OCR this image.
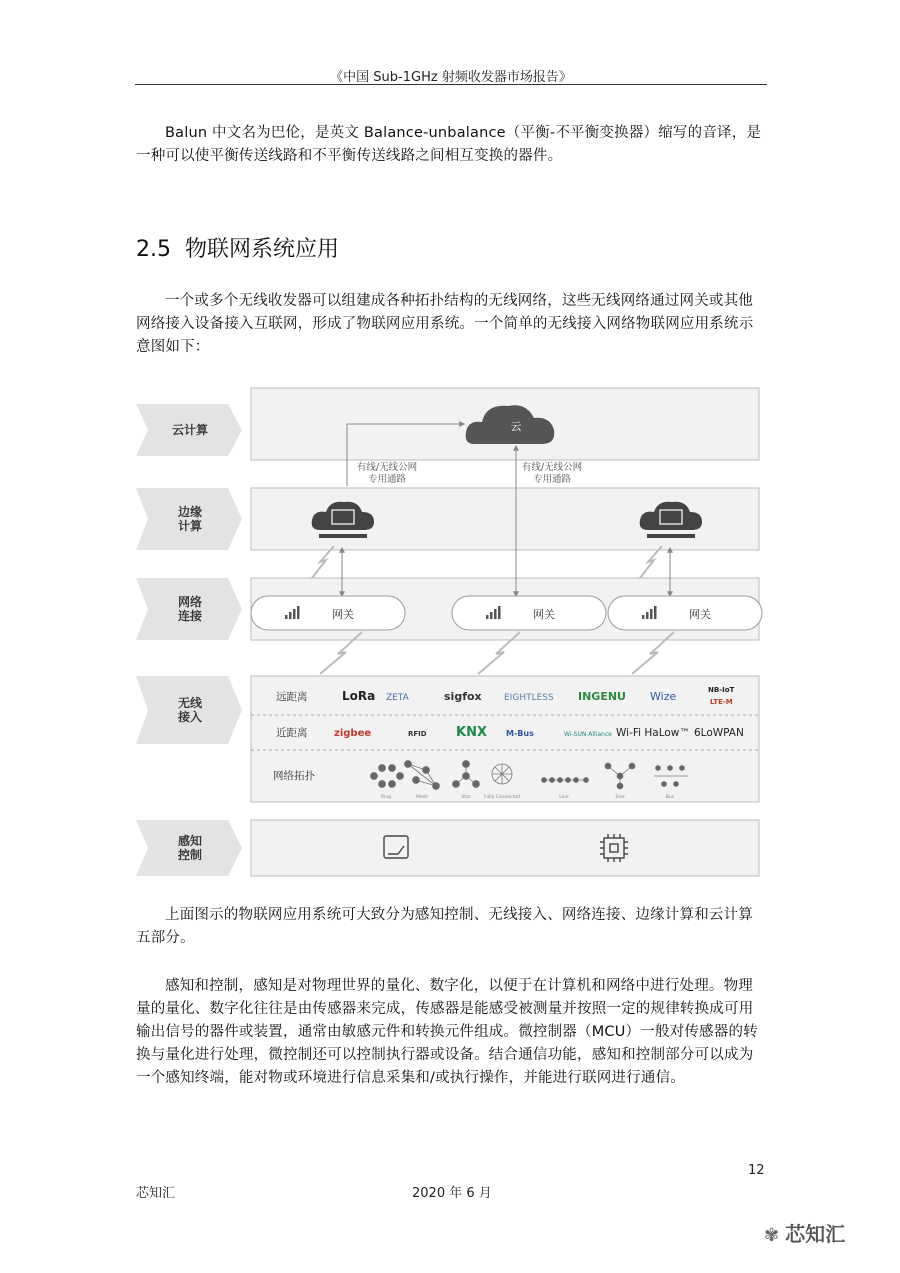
《中国 Sub-1GHz 射频收发器市场报告》

Balun 中文名为巴伦，是英文 Balance-unbalance（平衡-不平衡变换器）缩写的音译，是一种可以使平衡传送线路和不平衡传送线路之间相互变换的器件。

2.5 物联网系统应用

一个或多个无线收发器可以组建成各种拓扑结构的无线网络，这些无线网络通过网关或其他网络接入设备接入互联网，形成了物联网应用系统。一个简单的无线接入网络物联网应用系统示意图如下：

云计算
边缘
计算
网络
连接
无线
接入
感知
控制
云
有线/无线公网
专用通路
有线/无线公网
专用通路
网关	网关	网关
远距离
近距离
网络拓扑
LoRa ZETA	sigfox EIGHTLESS INGENU Wize	NB-IoT
LTE-M
zigbee	RFID KNX M-Bus	Wi-SUN Alliance Wi-Fi HaLow™ 6LoWPAN
Ring	Mesh	Star	Fully Connected	Line	Tree	Bus

上面图示的物联网应用系统可大致分为感知控制、无线接入、网络连接、边缘计算和云计算五部分。

感知和控制，感知是对物理世界的量化、数字化，以便于在计算机和网络中进行处理。物理量的量化、数字化往往是由传感器来完成，传感器是能感受被测量并按照一定的规律转换成可用输出信号的器件或装置，通常由敏感元件和转换元件组成。微控制器（MCU）一般对传感器的转换与量化进行处理，微控制还可以控制执行器或设备。结合通信功能，感知和控制部分可以成为一个感知终端，能对物或环境进行信息采集和/或执行操作，并能进行联网进行通信。

12
芯知汇	2020 年 6 月
✾ 芯知汇
